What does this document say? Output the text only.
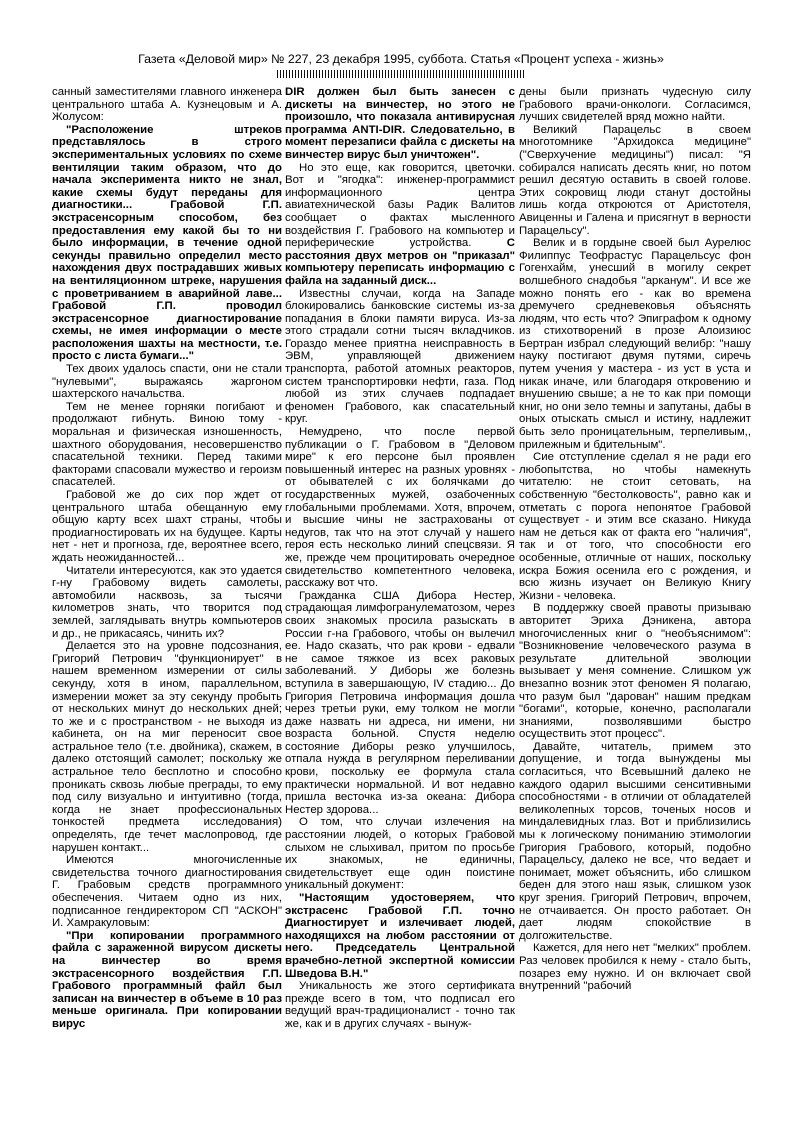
Газета «Деловой мир» № 227, 23 декабря 1995, суббота. Статья «Процент успеха - жизнь»

санный заместителями главного инженера центрального штаба А. Кузнецовым и А. Жолусом:

"Расположение штреков представлялось в строго экспериментальных условиях по схеме вентиляции таким образом, что до начала эксперимента никто не знал, какие схемы будут переданы для диагностики... Грабовой Г.П. экстрасенсорным способом, без предоставления ему какой бы то ни было информации, в течение одной секунды правильно определил место нахождения двух пострадавших живых на вентиляционном штреке, нарушения с проветриванием в аварийной лаве... Грабовой Г.П. проводил экстрасенсорное диагностирование схемы, не имея информации о месте расположения шахты на местности, т.е. просто с листа бумаги..."

Тех двоих удалось спасти, они не стали "нулевыми", выражаясь жаргоном шахтерского начальства.

Тем не менее горняки погибают и продолжают гибнуть. Виною тому - моральная и физическая изношенность, шахтного оборудования, несовершенство спасательной техники. Перед такими факторами спасовали мужество и героизм спасателей.

Грабовой же до сих пор ждет от центрального штаба обещанную ему общую карту всех шахт страны, чтобы продиагностировать их на будущее. Карты нет - нет и прогноза, где, вероятнее всего, ждать неожиданностей...

Читатели интересуются, как это удается г-ну Грабовому видеть самолеты, автомобили насквозь, за тысячи километров знать, что творится под землей, заглядывать внутрь компьютеров и др., не прикасаясь, чинить их?

Делается это на уровне подсознания, Григорий Петрович "функционирует" в нашем временном измерении от силы секунду, хотя в ином, параллельном, измерении может за эту секунду пробыть от нескольких минут до нескольких дней; то же и с пространством - не выходя из кабинета, он на миг переносит свое астральное тело (т.е. двойника), скажем, в далеко отстоящий самолет; поскольку же астральное тело бесплотно и способно проникать сквозь любые преграды, то ему под силу визуально и интуитивно (тогда, когда не знает профессиональных тонкостей предмета исследования) определять, где течет маслопровод, где нарушен контакт...

Имеются многочисленные свидетельства точного диагностирования Г. Грабовым средств программного обеспечения. Читаем одно из них, подписанное гендиректором СП "АСКОН" И. Хамракуловым:

"При копировании программного файла с зараженной вирусом дискеты на винчестер во время экстрасенсорного воздействия Г.П. Грабового программный файл был записан на винчестер в объеме в 10 раз меньше оригинала. При копировании вирус

DIR должен был быть занесен с дискеты на винчестер, но этого не произошло, что показала антивирусная программа ANTI-DIR. Следовательно, в момент перезаписи файла с дискеты на винчестер вирус был уничтожен".

Но это еще, как говорится, цветочки. Вот и "ягодка": инженер-программист информационного центра авиатехнической базы Радик Валитов сообщает о фактах мысленного воздействия Г. Грабового на компьютер и периферические устройства.	С расстояния двух метров он "приказал" компьютеру переписать информацию с файла на заданный диск...

Известны случаи, когда на Западе блокировались банковские системы из-за попадания в блоки памяти вируса. Из-за этого страдали сотни тысяч вкладчиков. Гораздо менее приятна неисправность в ЭВМ, управляющей движением транспорта, работой атомных реакторов, систем транспортировки нефти, газа. Под любой из этих случаев подпадает феномен Грабового, как спасательный круг.

Немудрено, что после первой публикации о Г. Грабовом в "Деловом мире" к его персоне был проявлен повышенный интерес на разных уровнях - от обывателей с их болячками до государственных мужей, озабоченных глобальными проблемами. Хотя, впрочем, и высшие чины не застрахованы от недугов, так что на этот случай у нашего героя есть несколько линий спецсвязи. Я же, прежде чем процитировать очередное свидетельство компетентного человека, расскажу вот что.

Гражданка США Дибора Нестер, страдающая лимфогранулематозом, через своих знакомых просила разыскать в России г-на Грабового, чтобы он вылечил ее. Надо сказать, что рак крови - едвали не самое тяжкое из всех раковых заболеваний. У Диборы же болезнь вступила в завершающую, IV стадию... До Григория Петровича информация дошла через третьи руки, ему толком не могли даже назвать ни адреса, ни имени, ни возраста больной. Спустя неделю состояние Диборы резко улучшилось, отпала нужда в регулярном переливании крови, поскольку ее формула стала практически нормальной. И вот недавно пришла весточка из-за океана: Дибора Нестер здорова...

О том, что случаи излечения на расстоянии людей, о которых Грабовой слыхом не слыхивал, притом по просьбе их знакомых, не единичны, свидетельствует еще один поистине уникальный документ:

"Настоящим удостоверяем, что экстрасенс Грабовой Г.П. точно Диагностирует и излечивает людей, находящихся на любом расстоянии от него. Председатель Центральной врачебно-летной экспертной комиссии Шведова В.Н."

Уникальность же этого сертификата прежде всего в том, что подписал его ведущий врач-традиционалист - точно так же, как и в других случаях - вынуж-

дены были признать чудесную силу Грабового врачи-онкологи. Согласимся, лучших свидетелей вряд можно найти.

Великий Парацельс в своем многотомнике "Архидокса медицине" ("Сверхучение медицины") писал: "Я собирался написать десять книг, но потом решил десятую оставить в своей голове. Этих сокровищ люди станут достойны лишь когда откроются от Аристотеля, Авиценны и Галена и присягнут в верности Парацельсу".

Велик и в гордыне своей был Аурелюс Филиппус Теофрастус Парацельсус фон Гогенхайм, унесший в могилу секрет волшебного снадобья "арканум". И все же можно понять его - как во времена дремучего средневековья объяснять людям, что есть что? Эпиграфом к одному из стихотворений в прозе Алоизиюс Бертран избрал следующий велибр: "нашу науку постигают двумя путями, сиречь путем учения у мастера - из уст в уста и никак иначе, или благодаря откровению и внушению свыше; а не то как при помощи книг, но они зело темны и запутаны, дабы в оных отыскать смысл и истину, надлежит быть зело проницательным, терпеливым,, прилежным и бдительным".

Сие отступление сделал я не ради его любопытства, но чтобы намекнуть читателю: не стоит сетовать, на собственную "бестолковость", равно как и отметать с порога непонятое Грабовой существует - и этим все сказано. Никуда нам не деться как от факта его "наличия", так и от того, что способности его особенные, отличные от наших, поскольку искра Божия осенила его с рождения, и всю жизнь изучает он Великую Книгу Жизни - человека.

В поддержку своей правоты призываю авторитет Эриха Дэникена, автора многочисленных книг о "необъяснимом": "Возникновение человеческого разума в результате длительной эволюции вызывает у меня сомнение. Слишком уж внезапно возник этот феномен Я полагаю, что разум был "дарован" нашим предкам "богами", которые, конечно, располагали знаниями, позволявшими быстро осуществить этот процесс".

Давайте, читатель, примем это допущение, и тогда вынуждены мы согласиться, что Всевышний далеко не каждого одарил высшими сенситивными способностями - в отличии от обладателей великолепных торсов, точеных носов и миндалевидных глаз. Вот и приблизились мы к логическому пониманию этимологии Григория Грабового, который, подобно Парацельсу, далеко не все, что ведает и понимает, может объяснить, ибо слишком беден для этого наш язык, слишком узок круг зрения. Григорий Петрович, впрочем, не отчаивается. Он просто работает. Он дает людям спокойствие в долгожительстве.

Кажется, для него нет "мелких" проблем. Раз человек пробился к нему - стало быть, позарез ему нужно. И он включает свой внутренний "рабочий
